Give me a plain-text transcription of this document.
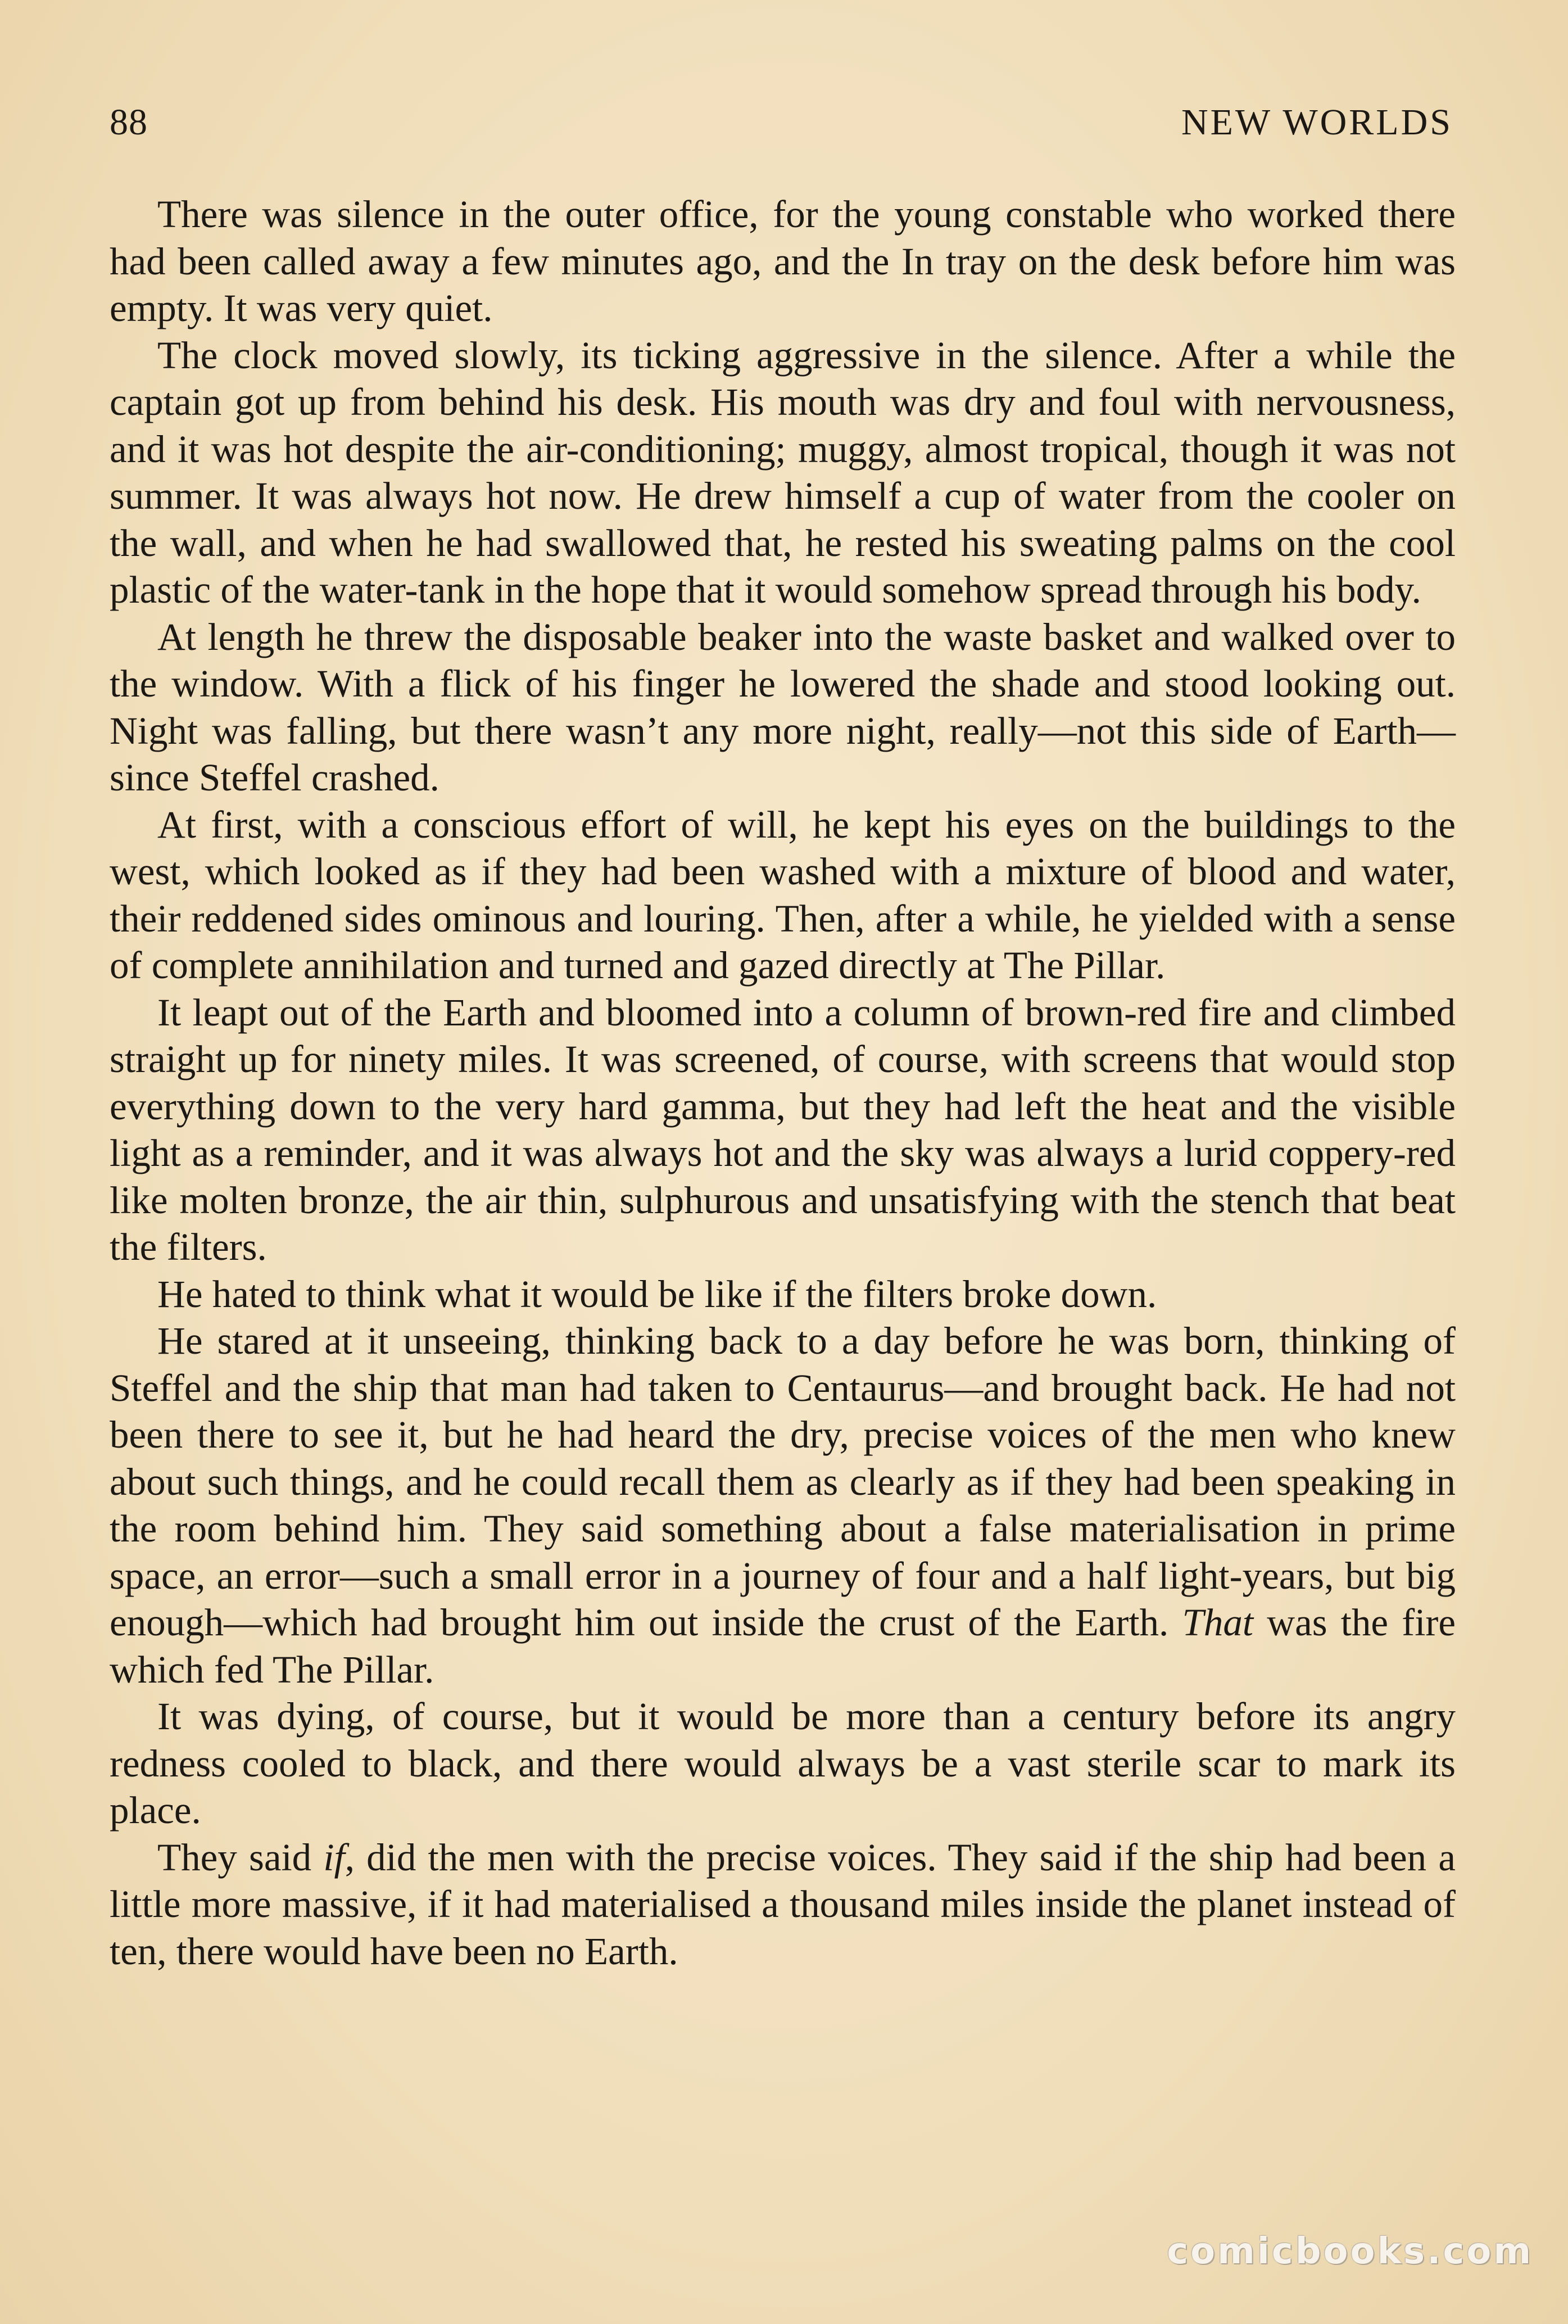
88	NEW WORLDS

There was silence in the outer office, for the young constable who worked there had been called away a few minutes ago, and the In tray on the desk before him was empty. It was very quiet.

The clock moved slowly, its ticking aggressive in the silence. After a while the captain got up from behind his desk. His mouth was dry and foul with nervousness, and it was hot despite the air-conditioning; muggy, almost tropical, though it was not summer. It was always hot now. He drew himself a cup of water from the cooler on the wall, and when he had swallowed that, he rested his sweating palms on the cool plastic of the water-tank in the hope that it would somehow spread through his body.

At length he threw the disposable beaker into the waste basket and walked over to the window. With a flick of his finger he lowered the shade and stood looking out. Night was falling, but there wasn’t any more night, really—not this side of Earth—since Steffel crashed.

At first, with a conscious effort of will, he kept his eyes on the buildings to the west, which looked as if they had been washed with a mixture of blood and water, their reddened sides ominous and louring. Then, after a while, he yielded with a sense of complete annihilation and turned and gazed directly at The Pillar.

It leapt out of the Earth and bloomed into a column of brown-red fire and climbed straight up for ninety miles. It was screened, of course, with screens that would stop everything down to the very hard gamma, but they had left the heat and the visible light as a reminder, and it was always hot and the sky was always a lurid coppery-red like molten bronze, the air thin, sulphurous and unsatisfying with the stench that beat the filters.

He hated to think what it would be like if the filters broke down.

He stared at it unseeing, thinking back to a day before he was born, thinking of Steffel and the ship that man had taken to Centaurus—and brought back. He had not been there to see it, but he had heard the dry, precise voices of the men who knew about such things, and he could recall them as clearly as if they had been speaking in the room behind him. They said something about a false materialisation in prime space, an error—such a small error in a journey of four and a half light-years, but big enough—which had brought him out inside the crust of the Earth. That was the fire which fed The Pillar.

It was dying, of course, but it would be more than a century before its angry redness cooled to black, and there would always be a vast sterile scar to mark its place.

They said if, did the men with the precise voices. They said if the ship had been a little more massive, if it had materialised a thousand miles inside the planet instead of ten, there would have been no Earth.

comicbooks.com
